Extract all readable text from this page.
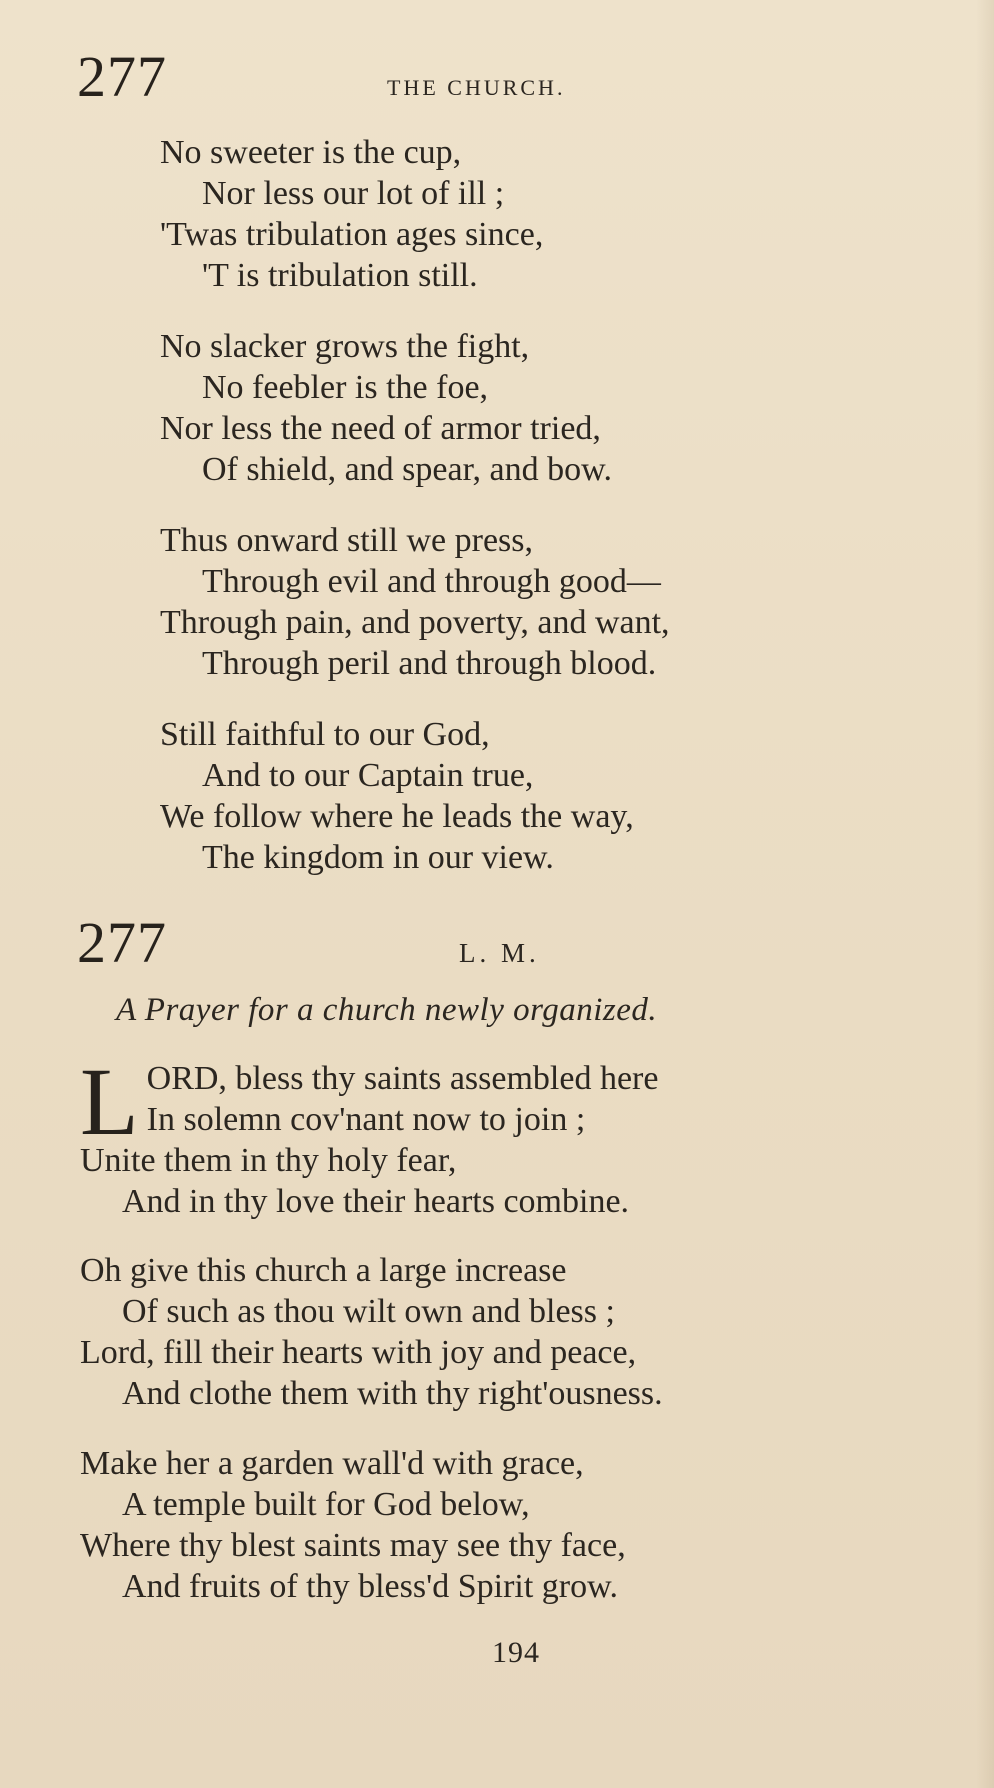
277	THE CHURCH.
No sweeter is the cup,
Nor less our lot of ill ;
'Twas tribulation ages since,
'T is tribulation still.
No slacker grows the fight,
No feebler is the foe,
Nor less the need of armor tried,
Of shield, and spear, and bow.
Thus onward still we press,
Through evil and through good—
Through pain, and poverty, and want,
Through peril and through blood.
Still faithful to our God,
And to our Captain true,
We follow where he leads the way,
The kingdom in our view.
277	L. M.
A Prayer for a church newly organized.
L ORD, bless thy saints assembled here
In solemn cov'nant now to join ;
Unite them in thy holy fear,
And in thy love their hearts combine.
Oh give this church a large increase
Of such as thou wilt own and bless ;
Lord, fill their hearts with joy and peace,
And clothe them with thy right'ousness.
Make her a garden wall'd with grace,
A temple built for God below,
Where thy blest saints may see thy face,
And fruits of thy bless'd Spirit grow.
194
